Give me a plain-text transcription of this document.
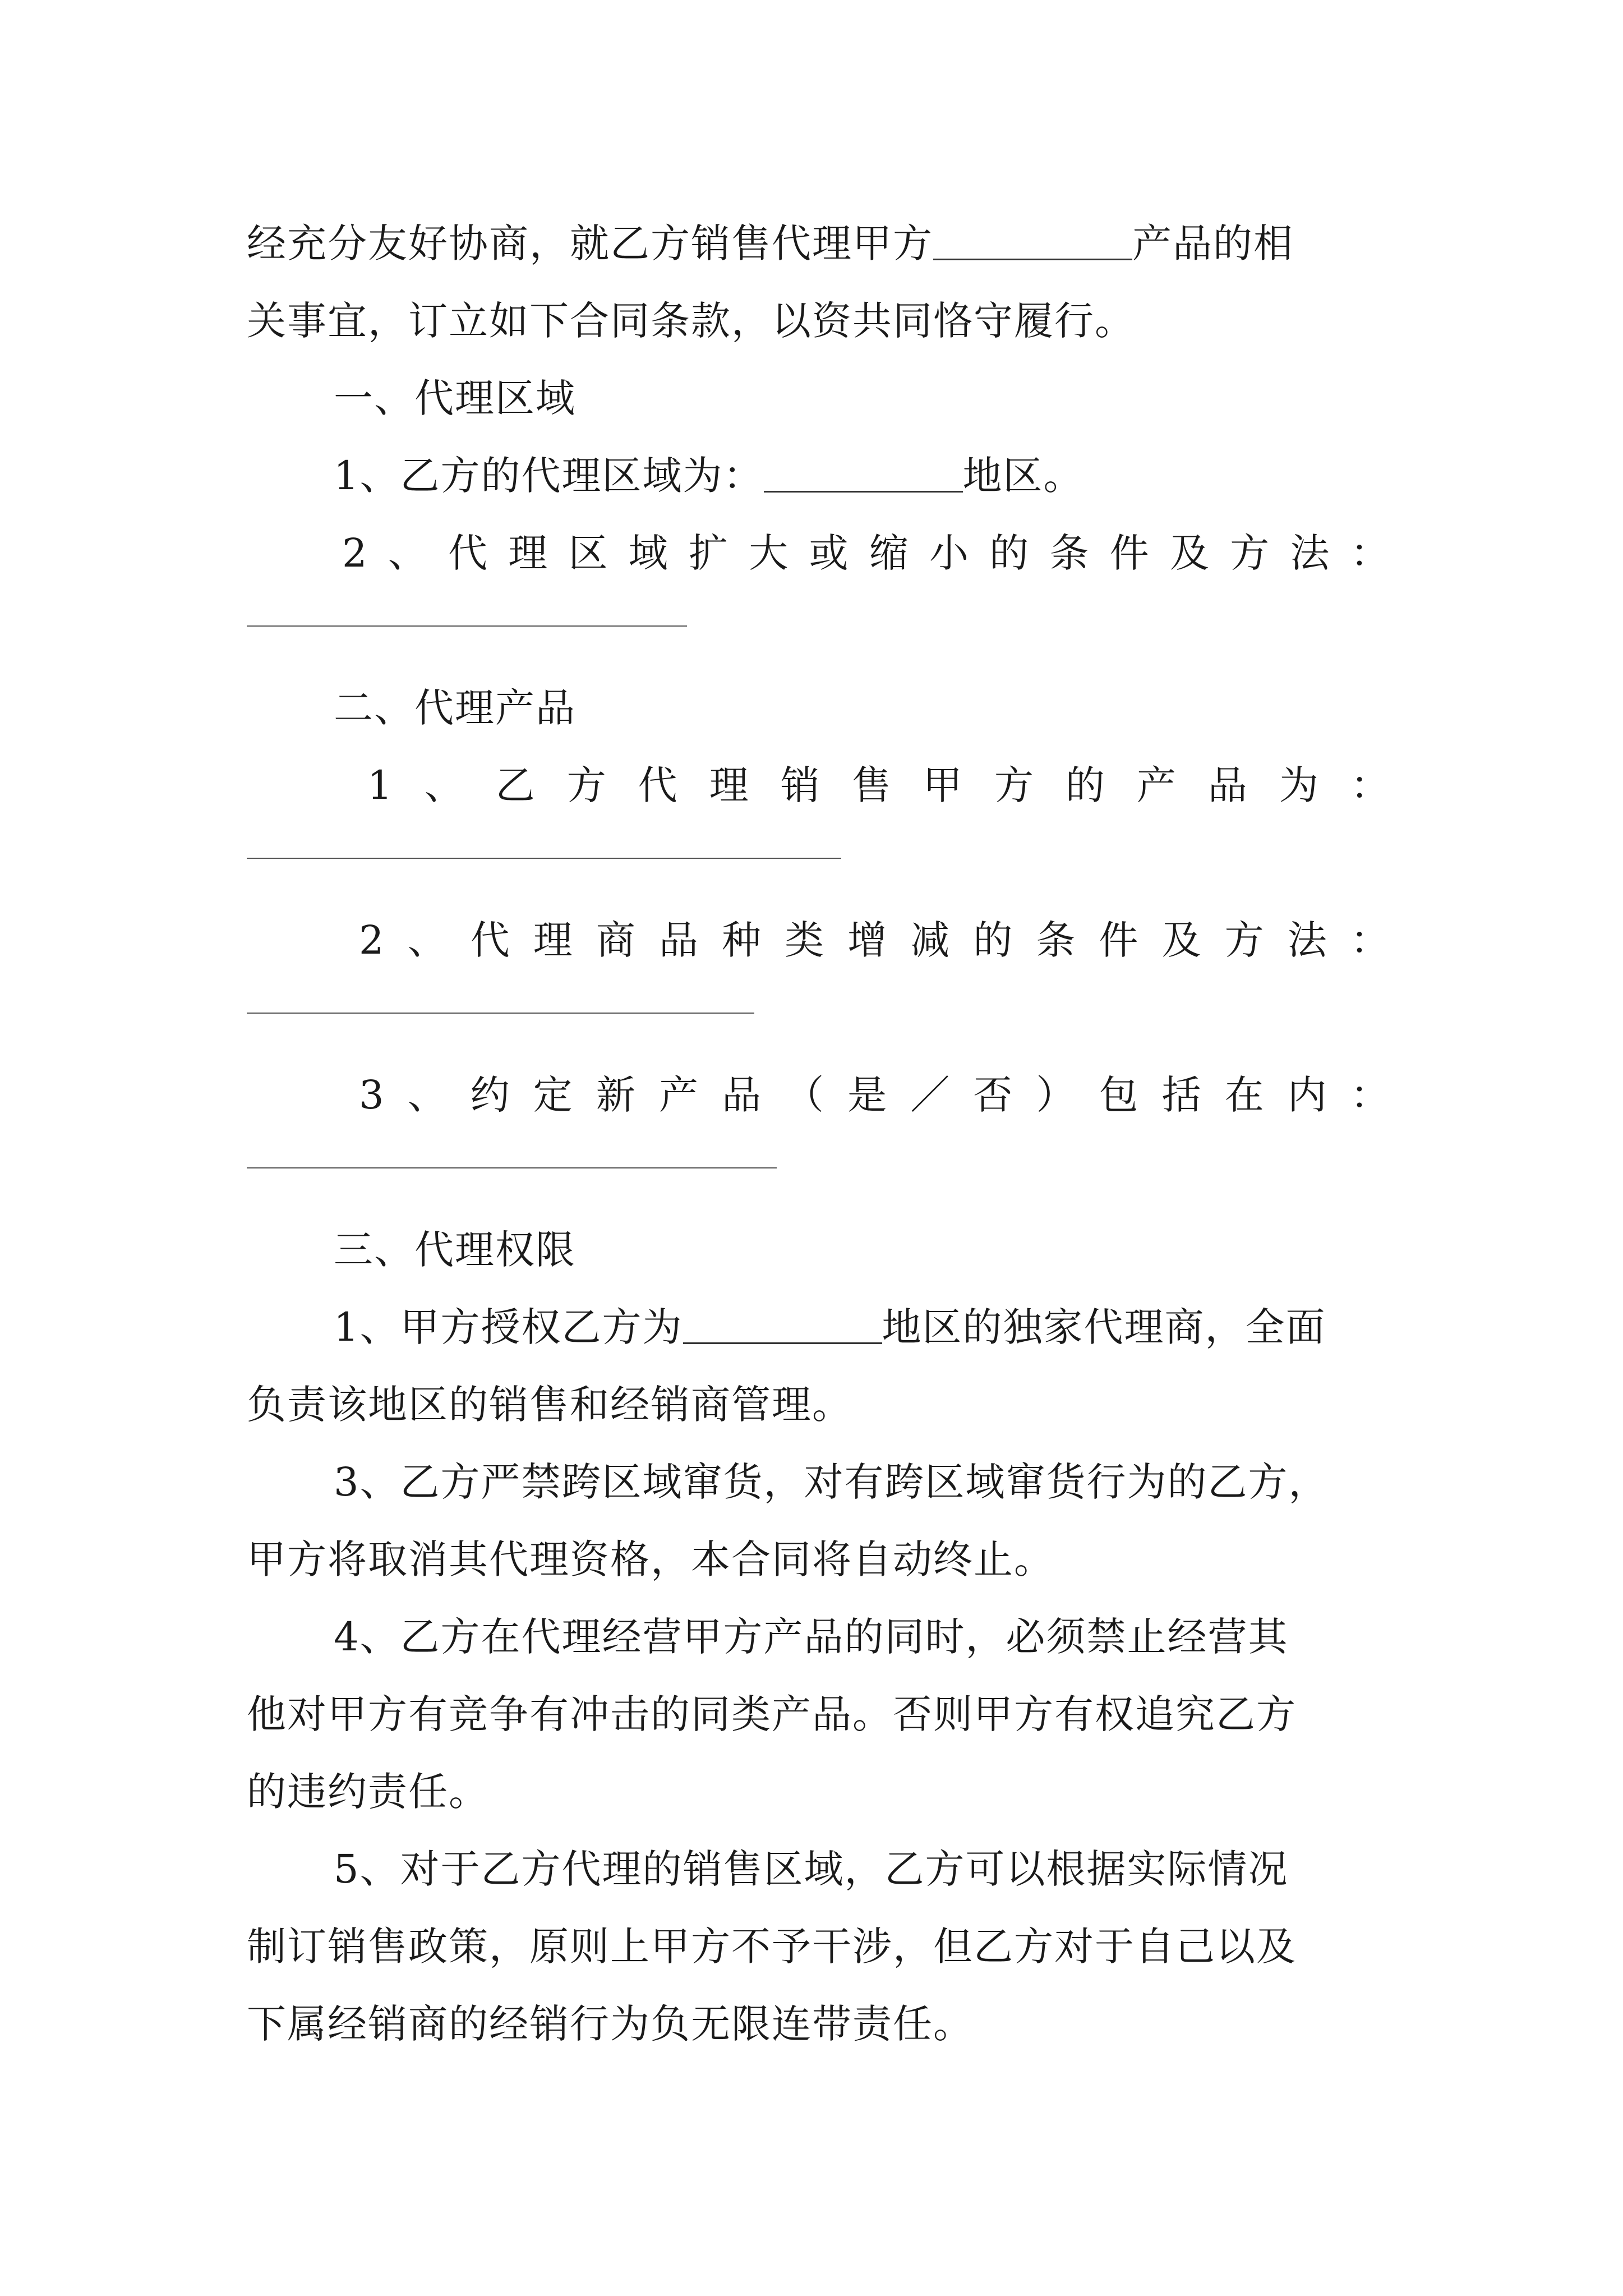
经充分友好协商，就乙方销售代理甲方	产品的相
关事宜，订立如下合同条款，以资共同恪守履行。
一、代理区域
1、乙方的代理区域为：	地区。
2 、 代 理 区 域 扩 大 或 缩 小 的 条 件 及 方 法 ：
二、代理产品
1 、 乙 方 代 理 销 售 甲 方 的 产 品 为 ：
2 、 代 理 商 品 种 类 增 减 的 条 件 及 方 法 ：
3 、 约 定 新 产 品 （ 是 ／ 否 ） 包 括 在 内 ：
三、代理权限
1、甲方授权乙方为	地区的独家代理商，全面
负责该地区的销售和经销商管理。
3、乙方严禁跨区域窜货，对有跨区域窜货行为的乙方，
甲方将取消其代理资格，本合同将自动终止。
4、乙方在代理经营甲方产品的同时，必须禁止经营其
他对甲方有竞争有冲击的同类产品。否则甲方有权追究乙方
的违约责任。
5、对于乙方代理的销售区域，乙方可以根据实际情况
制订销售政策，原则上甲方不予干涉，但乙方对于自己以及
下属经销商的经销行为负无限连带责任。
